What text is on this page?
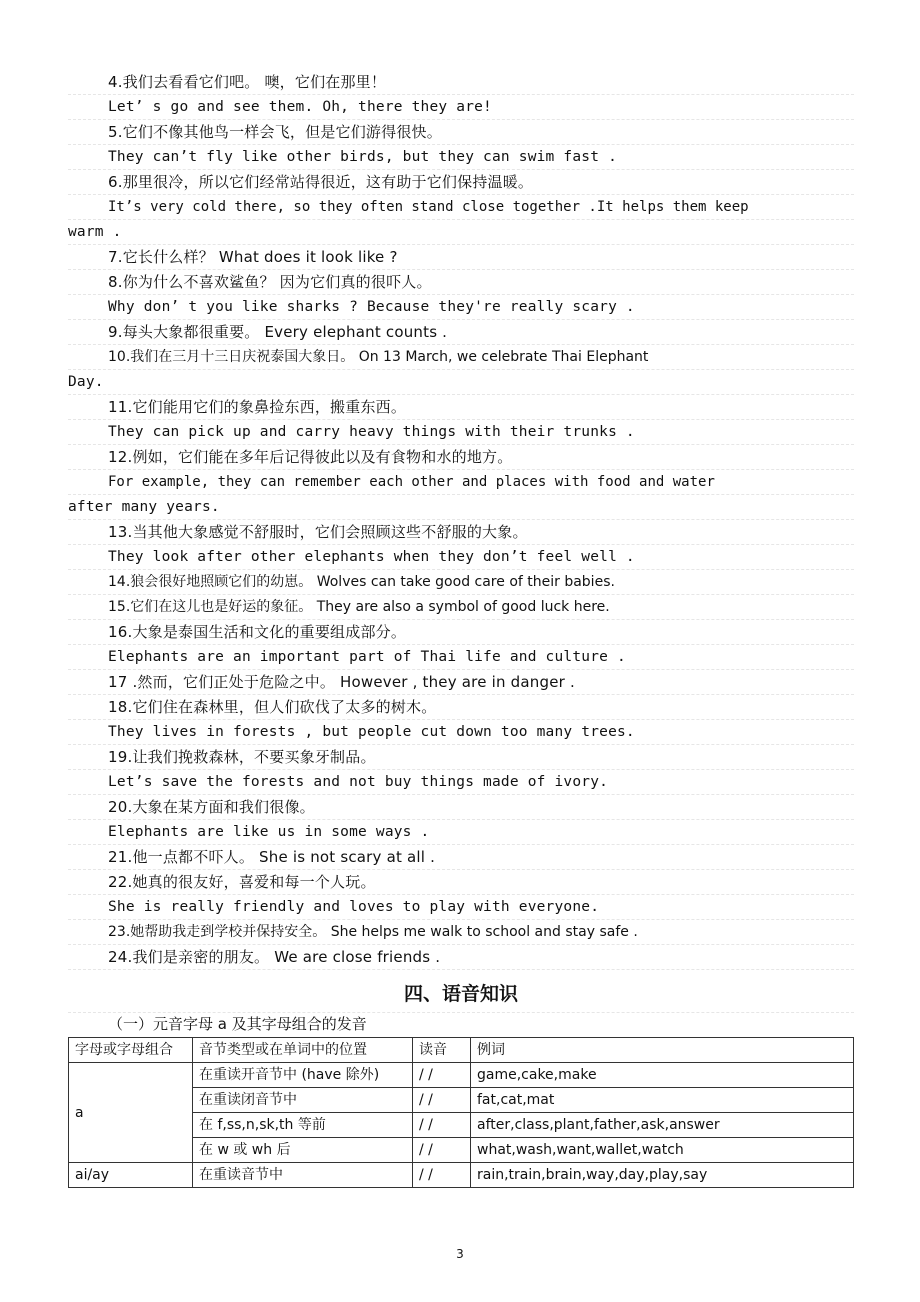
4.我们去看看它们吧。 噢，它们在那里！
Let’ s go and see them. Oh, there they are!
5.它们不像其他鸟一样会飞，但是它们游得很快。
They can’t fly like other birds, but they can swim fast .
6.那里很冷，所以它们经常站得很近，这有助于它们保持温暖。
It’s very cold there, so they often stand close together .It helps them keep
warm .
7.它长什么样？ What does it look like ?
8.你为什么不喜欢鲨鱼？ 因为它们真的很吓人。
Why don’ t you like sharks ? Because they're really scary .
9.每头大象都很重要。 Every elephant counts .
10.我们在三月十三日庆祝泰国大象日。 On 13 March, we celebrate Thai Elephant
Day.
11.它们能用它们的象鼻捡东西，搬重东西。
They can pick up and carry heavy things with their trunks .
12.例如，它们能在多年后记得彼此以及有食物和水的地方。
For example, they can remember each other and places with food and water
after many years.
13.当其他大象感觉不舒服时，它们会照顾这些不舒服的大象。
They look after other elephants when they don’t feel well .
14.狼会很好地照顾它们的幼崽。 Wolves can take good care of their babies.
15.它们在这儿也是好运的象征。 They are also a symbol of good luck here.
16.大象是泰国生活和文化的重要组成部分。
Elephants are an important part of Thai life and culture .
17 .然而，它们正处于危险之中。 However , they are in danger .
18.它们住在森林里，但人们砍伐了太多的树木。
They lives in forests , but people cut down too many trees.
19.让我们挽救森林，不要买象牙制品。
Let’s save the forests and not buy things made of ivory.
20.大象在某方面和我们很像。
Elephants are like us in some ways .
21.他一点都不吓人。 She is not scary at all .
22.她真的很友好，喜爱和每一个人玩。
She is really friendly and loves to play with everyone.
23.她帮助我走到学校并保持安全。 She helps me walk to school and stay safe .
24.我们是亲密的朋友。 We are close friends .
四、语音知识
（一）元音字母 a 及其字母组合的发音
字母或字母组合	音节类型或在单词中的位置	读音	例词
a	在重读开音节中 (have 除外)	/ /	game,cake,make
	在重读闭音节中	/ /	fat,cat,mat
	在 f,ss,n,sk,th 等前	/ /	after,class,plant,father,ask,answer
	在 w 或 wh 后	/ /	what,wash,want,wallet,watch
ai/ay	在重读音节中	/ /	rain,train,brain,way,day,play,say
3
